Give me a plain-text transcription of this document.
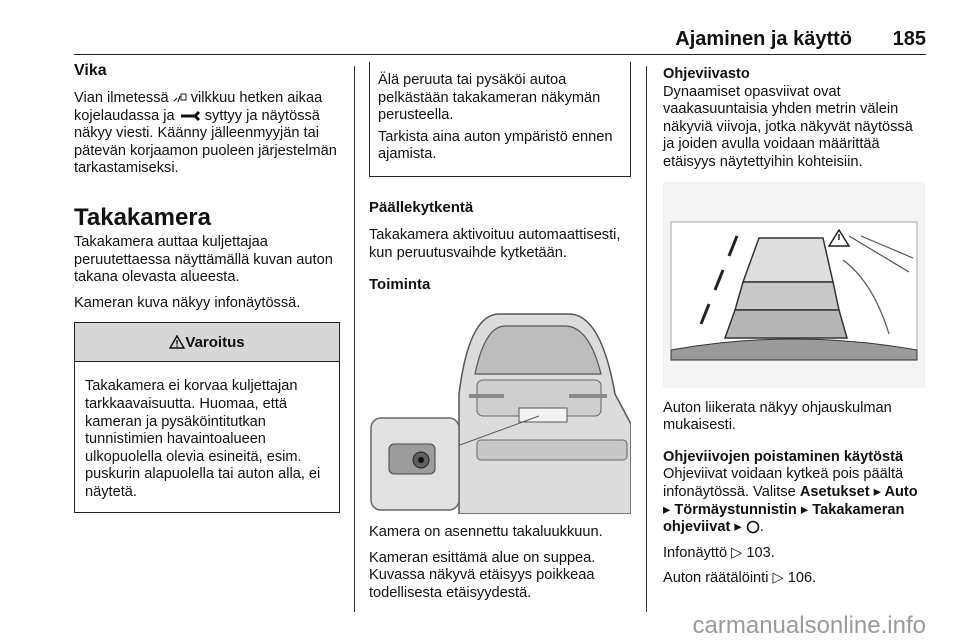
Ajaminen ja käyttö 185
Vika

Vian ilmetessä  vilkkuu hetken aikaa kojelaudassa ja  syttyy ja näytössä näkyy viesti. Käänny jälleenmyyjän tai pätevän korjaamon puoleen järjestelmän tarkastamiseksi.

Takakamera

Takakamera auttaa kuljettajaa peruutettaessa näyttämällä kuvan auton takana olevasta alueesta.

Kameran kuva näkyy infonäytössä.

Varoitus

Takakamera ei korvaa kuljettajan tarkkaavaisuutta. Huomaa, että kameran ja pysäköintitutkan tunnistimien havaintoalueen ulkopuolella olevia esineitä, esim. puskurin alapuolella tai auton alla, ei näytetä.

Älä peruuta tai pysäköi autoa pelkästään takakameran näkymän perusteella.

Tarkista aina auton ympäristö ennen ajamista.

Päällekytkentä

Takakamera aktivoituu automaattisesti, kun peruutusvaihde kytketään.

Toiminta

Kamera on asennettu takaluukkuun.

Kameran esittämä alue on suppea. Kuvassa näkyvä etäisyys poikkeaa todellisesta etäisyydestä.

Ohjeviivasto

Dynaamiset opasviivat ovat vaakasuuntaisia yhden metrin välein näkyviä viivoja, jotka näkyvät näytössä ja joiden avulla voidaan määrittää etäisyys näytettyihin kohteisiin.

Auton liikerata näkyy ohjauskulman mukaisesti.

Ohjeviivojen poistaminen käytöstä

Ohjeviivat voidaan kytkeä pois päältä infonäytössä. Valitse Asetukset ▸ Auto ▸ Törmäystunnistin ▸ Takakameran ohjeviivat ▸ .

Infonäyttö ▷ 103.

Auton räätälöinti ▷ 106.

carmanualsonline.info
